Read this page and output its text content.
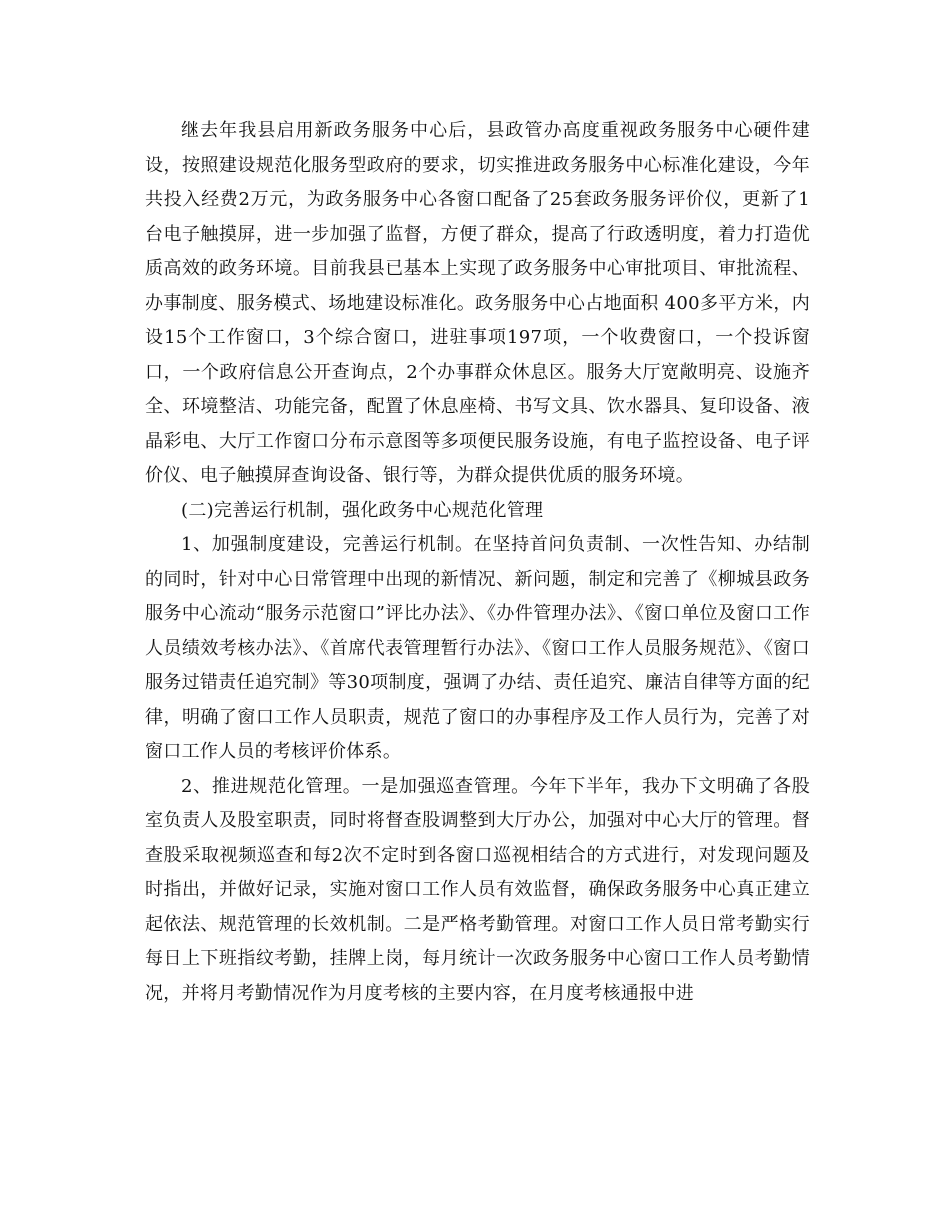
继去年我县启用新政务服务中心后，县政管办高度重视政务服务中心硬件建设，按照建设规范化服务型政府的要求，切实推进政务服务中心标准化建设，今年共投入经费2万元，为政务服务中心各窗口配备了25套政务服务评价仪，更新了1台电子触摸屏，进一步加强了监督，方便了群众，提高了行政透明度，着力打造优质高效的政务环境。目前我县已基本上实现了政务服务中心审批项目、审批流程、办事制度、服务模式、场地建设标准化。政务服务中心占地面积 400多平方米，内设15个工作窗口，3个综合窗口，进驻事项197项，一个收费窗口，一个投诉窗口，一个政府信息公开查询点，2个办事群众休息区。服务大厅宽敞明亮、设施齐全、环境整洁、功能完备，配置了休息座椅、书写文具、饮水器具、复印设备、液晶彩电、大厅工作窗口分布示意图等多项便民服务设施，有电子监控设备、电子评价仪、电子触摸屏查询设备、银行等，为群众提供优质的服务环境。

(二)完善运行机制，强化政务中心规范化管理

1、加强制度建设，完善运行机制。在坚持首问负责制、一次性告知、办结制的同时，针对中心日常管理中出现的新情况、新问题，制定和完善了《柳城县政务服务中心流动“服务示范窗口”评比办法》、《办件管理办法》、《窗口单位及窗口工作人员绩效考核办法》、《首席代表管理暂行办法》、《窗口工作人员服务规范》、《窗口服务过错责任追究制》等30项制度，强调了办结、责任追究、廉洁自律等方面的纪律，明确了窗口工作人员职责，规范了窗口的办事程序及工作人员行为，完善了对窗口工作人员的考核评价体系。

2、推进规范化管理。一是加强巡查管理。今年下半年，我办下文明确了各股室负责人及股室职责，同时将督查股调整到大厅办公，加强对中心大厅的管理。督查股采取视频巡查和每2次不定时到各窗口巡视相结合的方式进行，对发现问题及时指出，并做好记录，实施对窗口工作人员有效监督，确保政务服务中心真正建立起依法、规范管理的长效机制。二是严格考勤管理。对窗口工作人员日常考勤实行每日上下班指纹考勤，挂牌上岗，每月统计一次政务服务中心窗口工作人员考勤情况，并将月考勤情况作为月度考核的主要内容，在月度考核通报中进
